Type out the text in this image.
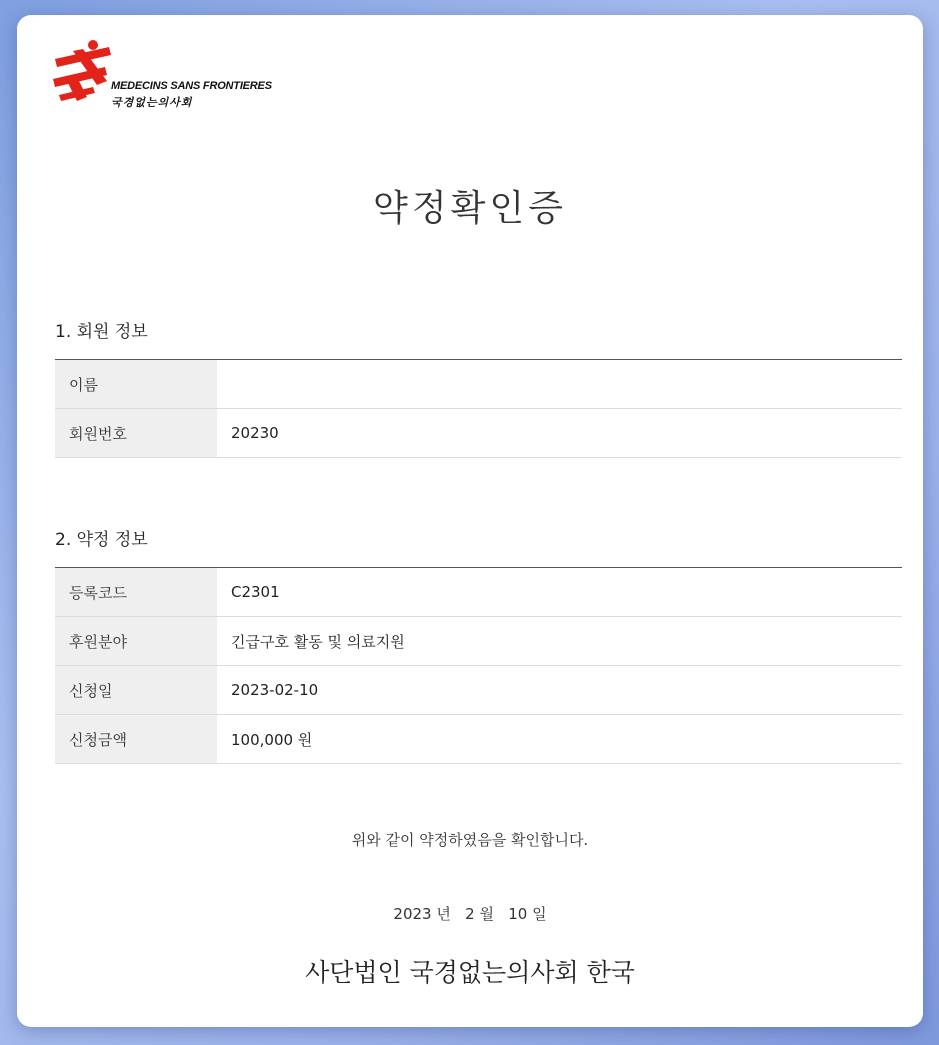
MEDECINS SANS FRONTIERES
국경없는의사회
약정확인증
1. 회원 정보
이름	
회원번호	20230
2. 약정 정보
등록코드	C2301
후원분야	긴급구호 활동 및 의료지원
신청일	2023-02-10
신청금액	100,000 원
위와 같이 약정하였음을 확인합니다.
2023 년   2 월   10 일
사단법인 국경없는의사회 한국
